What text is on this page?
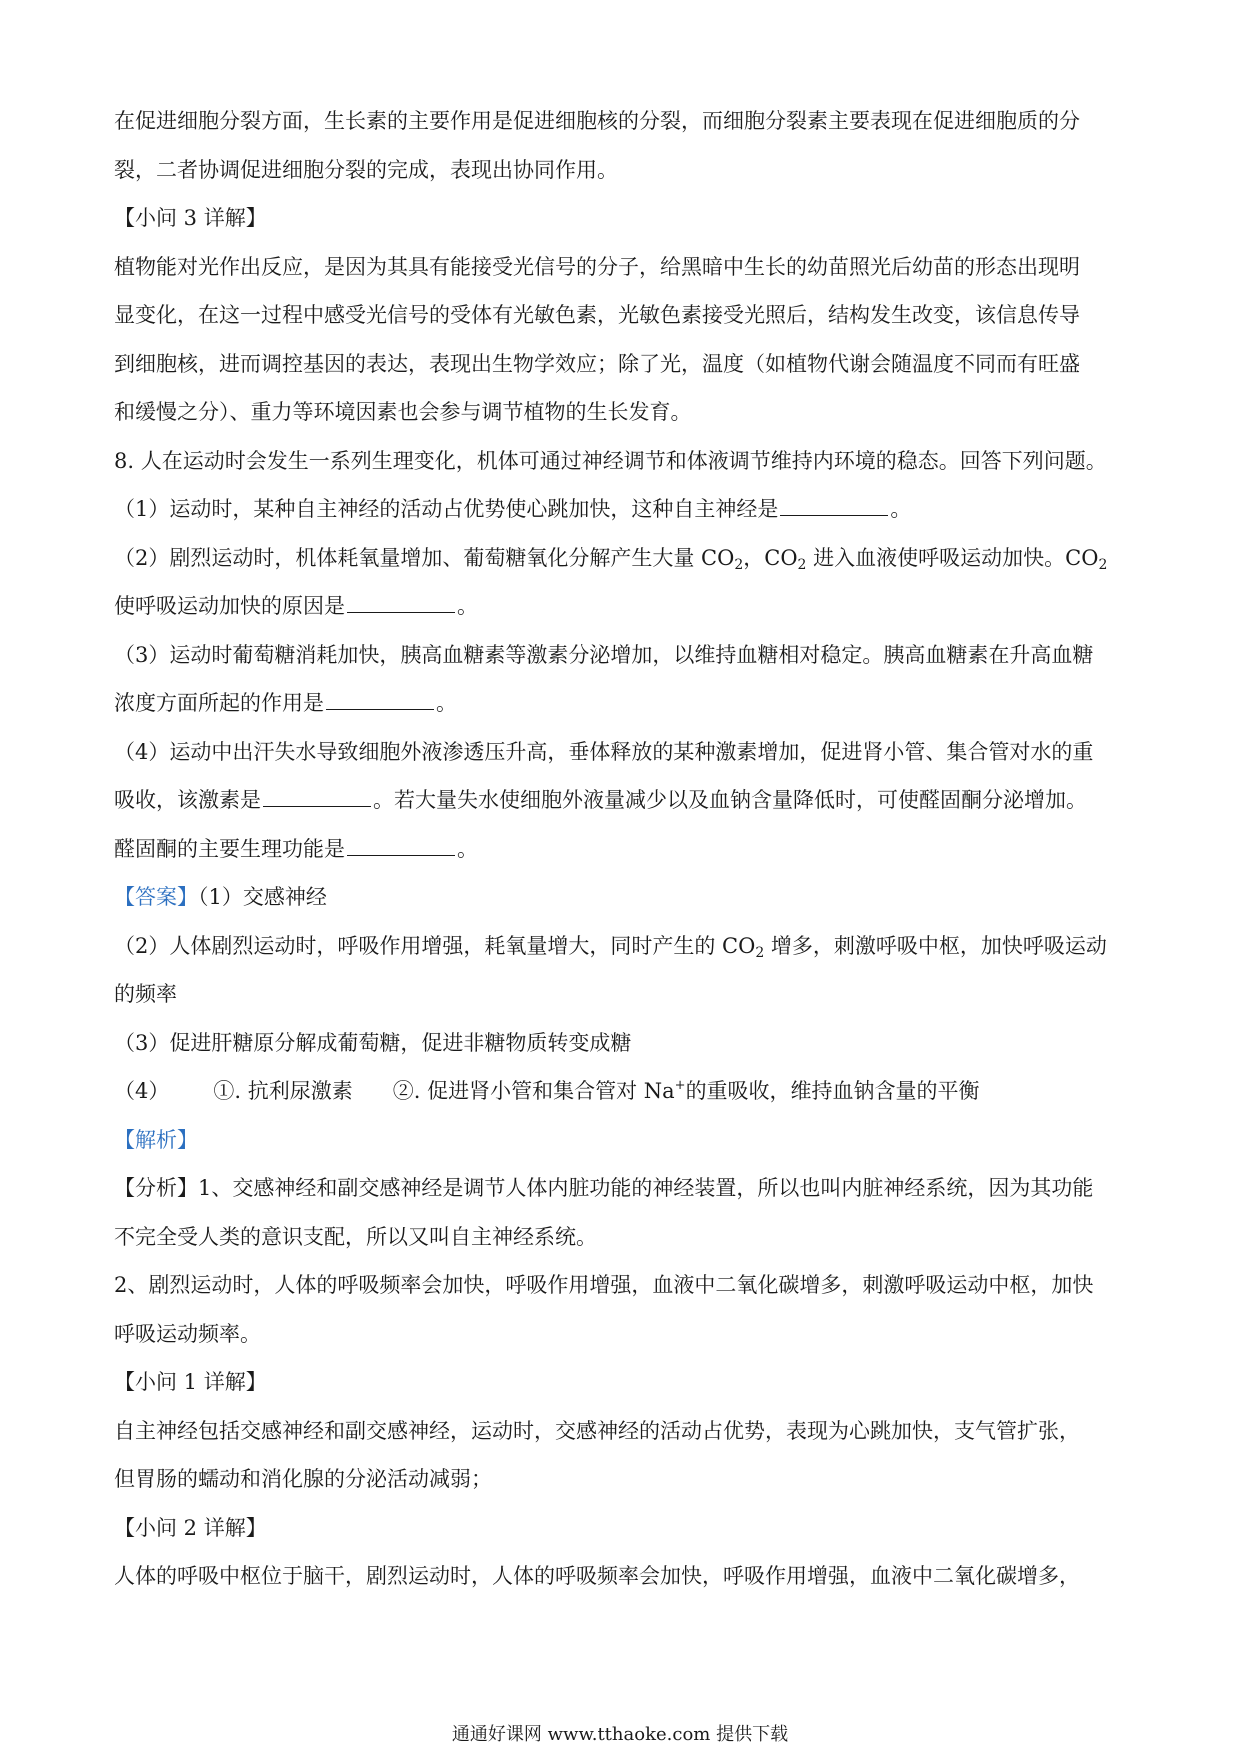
在促进细胞分裂方面，生长素的主要作用是促进细胞核的分裂，而细胞分裂素主要表现在促进细胞质的分
裂，二者协调促进细胞分裂的完成，表现出协同作用。
【小问 3 详解】
植物能对光作出反应，是因为其具有能接受光信号的分子，给黑暗中生长的幼苗照光后幼苗的形态出现明
显变化，在这一过程中感受光信号的受体有光敏色素，光敏色素接受光照后，结构发生改变，该信息传导
到细胞核，进而调控基因的表达，表现出生物学效应；除了光，温度（如植物代谢会随温度不同而有旺盛
和缓慢之分）、重力等环境因素也会参与调节植物的生长发育。
8. 人在运动时会发生一系列生理变化，机体可通过神经调节和体液调节维持内环境的稳态。回答下列问题。
（1）运动时，某种自主神经的活动占优势使心跳加快，这种自主神经是	。
（2）剧烈运动时，机体耗氧量增加、葡萄糖氧化分解产生大量 $CO_2$，$CO_2$ 进入血液使呼吸运动加快。$CO_2$
使呼吸运动加快的原因是	。
（3）运动时葡萄糖消耗加快，胰高血糖素等激素分泌增加，以维持血糖相对稳定。胰高血糖素在升高血糖
浓度方面所起的作用是	。
（4）运动中出汗失水导致细胞外液渗透压升高，垂体释放的某种激素增加，促进肾小管、集合管对水的重
吸收，该激素是	。若大量失水使细胞外液量减少以及血钠含量降低时，可使醛固酮分泌增加。
醛固酮的主要生理功能是	。
【答案】（1）交感神经
（2）人体剧烈运动时，呼吸作用增强，耗氧量增大，同时产生的 $CO_2$ 增多，刺激呼吸中枢，加快呼吸运动
的频率
（3）促进肝糖原分解成葡萄糖，促进非糖物质转变成糖
（4） ①. 抗利尿激素 ②. 促进肾小管和集合管对 Na+的重吸收，维持血钠含量的平衡
【解析】
【分析】1、交感神经和副交感神经是调节人体内脏功能的神经装置，所以也叫内脏神经系统，因为其功能
不完全受人类的意识支配，所以又叫自主神经系统。
2、剧烈运动时，人体的呼吸频率会加快，呼吸作用增强，血液中二氧化碳增多，刺激呼吸运动中枢，加快
呼吸运动频率。
【小问 1 详解】
自主神经包括交感神经和副交感神经，运动时，交感神经的活动占优势，表现为心跳加快，支气管扩张，
但胃肠的蠕动和消化腺的分泌活动减弱；
【小问 2 详解】
人体的呼吸中枢位于脑干，剧烈运动时，人体的呼吸频率会加快，呼吸作用增强，血液中二氧化碳增多，
通通好课网 www.tthaoke.com 提供下载
